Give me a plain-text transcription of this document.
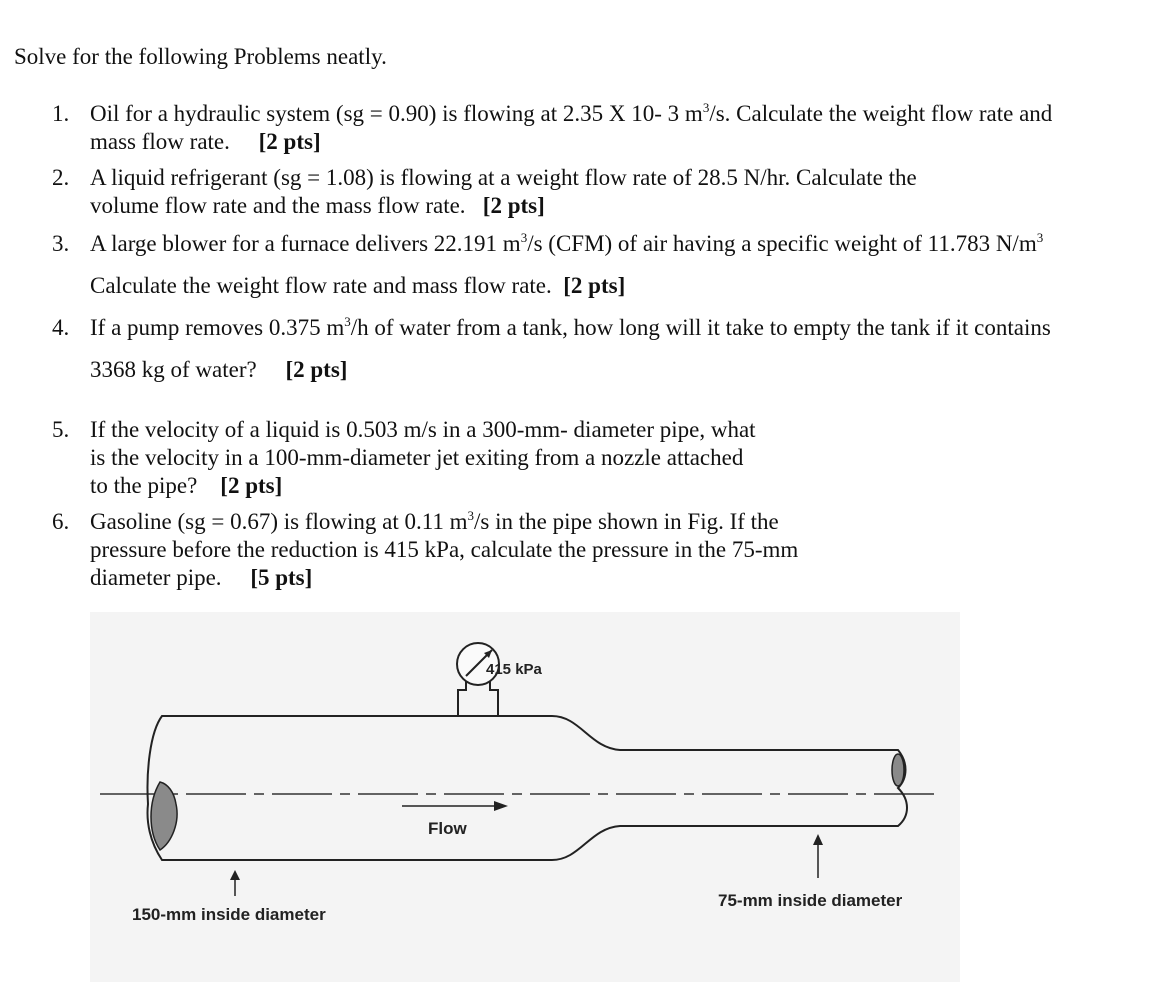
Solve for the following Problems neatly.
1. Oil for a hydraulic system (sg = 0.90) is flowing at 2.35 X 10- 3 $m^3/s$. Calculate the weight flow rate and
mass flow rate. [2 pts]
2. A liquid refrigerant (sg = 1.08) is flowing at a weight flow rate of 28.5 N/hr. Calculate the
volume flow rate and the mass flow rate. [2 pts]
3. A large blower for a furnace delivers 22.191 $m^3/s$ (CFM) of air having a specific weight of 11.783 $N/m^3$
Calculate the weight flow rate and mass flow rate. [2 pts]
4. If a pump removes 0.375 $m^3/h$ of water from a tank, how long will it take to empty the tank if it contains
3368 kg of water? [2 pts]
5. If the velocity of a liquid is 0.503 m/s in a 300-mm- diameter pipe, what
is the velocity in a 100-mm-diameter jet exiting from a nozzle attached
to the pipe? [2 pts]
6. Gasoline (sg = 0.67) is flowing at 0.11 $m^3/s$ in the pipe shown in Fig. If the
pressure before the reduction is 415 kPa, calculate the pressure in the 75-mm
diameter pipe. [5 pts]
415 kPa
Flow
150-mm inside diameter
75-mm inside diameter
